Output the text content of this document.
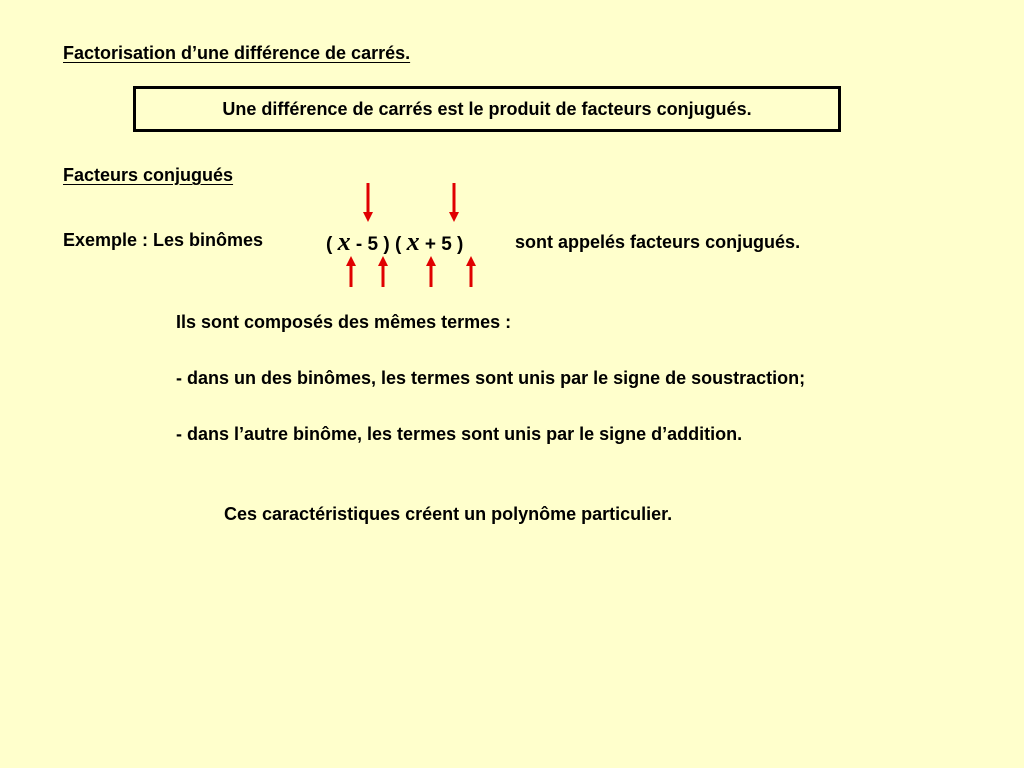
Factorisation d’une différence de carrés.
Une différence de carrés est le produit de facteurs conjugués.
Facteurs conjugués
Exemple : Les binômes	( x - 5 ) ( x + 5 )	sont appelés facteurs conjugués.
Ils sont composés des mêmes termes :
- dans un des binômes, les termes sont unis par le signe de soustraction;
- dans l’autre binôme, les termes sont unis par le signe d’addition.
Ces caractéristiques créent un polynôme particulier.
